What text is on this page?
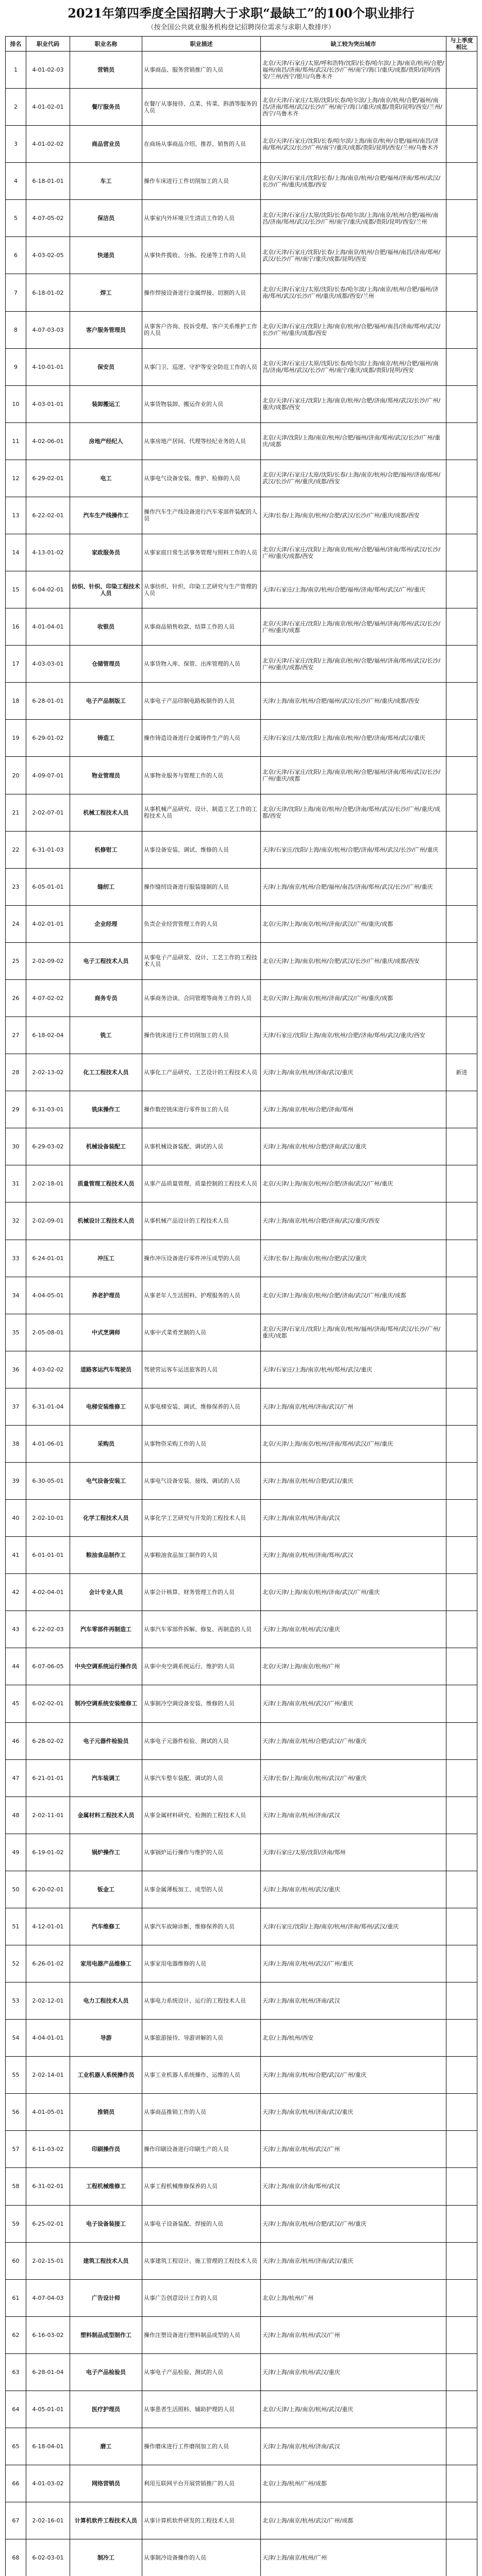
2021年第四季度全国招聘大于求职“最缺工”的100个职业排行
（按全国公共就业服务机构登记招聘岗位需求与求职人数排序）
排名	职业代码	职业名称	职业描述	缺工较为突出城市	与上季度相比
1	4-01-02-03	营销员	从事商品、服务营销推广的人员	北京/天津/石家庄/太原/呼和浩特/沈阳/长春/哈尔滨/上海/南京/杭州/合肥/福州/南昌/济南/郑州/武汉/长沙/广州/南宁/海口/重庆/成都/贵阳/昆明/西安/兰州/西宁/银川/乌鲁木齐	
2	4-01-02-01	餐厅服务员	在餐厅从事接待、点菜、传菜、斟酒等服务的人员	北京/天津/石家庄/太原/沈阳/长春/哈尔滨/上海/南京/杭州/合肥/福州/南昌/济南/郑州/武汉/长沙/广州/南宁/海口/重庆/成都/贵阳/昆明/西安/兰州/西宁/乌鲁木齐	
3	4-01-02-02	商品营业员	在商场从事商品介绍、推荐、销售的人员	北京/天津/石家庄/沈阳/长春/哈尔滨/上海/南京/杭州/合肥/福州/南昌/济南/郑州/武汉/长沙/广州/南宁/重庆/成都/贵阳/昆明/西安/兰州/乌鲁木齐	
4	6-18-01-01	车工	操作车床进行工件切削加工的人员	北京/天津/石家庄/沈阳/长春/上海/南京/杭州/合肥/福州/济南/郑州/武汉/长沙/广州/重庆/成都/西安	
5	4-07-05-02	保洁员	从事室内外环境卫生清洁工作的人员	北京/天津/石家庄/太原/沈阳/长春/哈尔滨/上海/南京/杭州/合肥/福州/南昌/济南/郑州/武汉/长沙/广州/南宁/重庆/成都/贵阳/昆明/西安/兰州	
6	4-03-02-05	快递员	从事快件揽收、分拣、投递等工作的人员	北京/天津/石家庄/沈阳/长春/上海/南京/杭州/合肥/福州/南昌/济南/郑州/武汉/长沙/广州/南宁/重庆/成都/昆明/西安	
7	6-18-01-02	焊工	操作焊接设备进行金属焊接、切割的人员	北京/天津/石家庄/太原/沈阳/长春/哈尔滨/上海/南京/杭州/合肥/福州/济南/郑州/武汉/长沙/广州/重庆/成都/西安/兰州	
8	4-07-03-03	客户服务管理员	从事客户咨询、投诉受理、客户关系维护工作的人员	北京/天津/石家庄/沈阳/上海/南京/杭州/合肥/福州/南昌/济南/郑州/武汉/长沙/广州/重庆/成都/西安	
9	4-10-01-01	保安员	从事门卫、巡逻、守护等安全防范工作的人员	北京/天津/石家庄/太原/沈阳/长春/哈尔滨/上海/南京/杭州/合肥/福州/南昌/济南/郑州/武汉/长沙/广州/南宁/重庆/成都/贵阳/昆明/西安	
10	4-03-01-01	装卸搬运工	从事货物装卸、搬运作业的人员	北京/天津/石家庄/沈阳/上海/南京/杭州/合肥/济南/郑州/武汉/长沙/广州/重庆/成都/西安	
11	4-02-06-01	房地产经纪人	从事房地产居间、代理等经纪业务的人员	北京/天津/沈阳/上海/南京/杭州/合肥/福州/济南/郑州/武汉/长沙/广州/重庆/成都	
12	6-29-02-01	电工	从事电气设备安装、维护、检修的人员	北京/天津/石家庄/太原/沈阳/长春/上海/南京/杭州/合肥/福州/济南/郑州/武汉/长沙/广州/重庆/成都/西安	
13	6-22-02-01	汽车生产线操作工	操作汽车生产线设备进行汽车零部件装配的人员	天津/长春/上海/南京/杭州/合肥/武汉/长沙/广州/重庆/成都/西安	
14	4-13-01-02	家政服务员	从事家庭日常生活事务管理与照料工作的人员	北京/天津/石家庄/沈阳/上海/南京/杭州/合肥/福州/济南/郑州/武汉/长沙/广州/重庆/成都/西安	
15	6-04-02-01	纺织、针织、印染工程技术人员	从事纺织、针织、印染工艺研究与生产管理的人员	天津/石家庄/上海/南京/杭州/合肥/福州/济南/郑州/武汉/广州/重庆	
16	4-01-04-01	收银员	从事商品销售收款、结算工作的人员	北京/天津/石家庄/沈阳/上海/南京/杭州/合肥/福州/济南/郑州/武汉/长沙/广州/重庆/成都	
17	4-03-03-01	仓储管理员	从事货物入库、保管、出库管理的人员	北京/天津/石家庄/沈阳/上海/南京/杭州/合肥/福州/济南/郑州/武汉/长沙/广州/重庆/成都/西安	
18	6-28-01-01	电子产品制版工	从事电子产品印制电路板制作的人员	天津/上海/南京/杭州/合肥/福州/武汉/长沙/广州/重庆/成都/西安	
19	6-29-01-02	铸造工	操作铸造设备进行金属铸件生产的人员	天津/石家庄/太原/沈阳/上海/南京/杭州/合肥/济南/郑州/武汉/重庆	
20	4-09-07-01	物业管理员	从事物业服务与管理工作的人员	北京/天津/石家庄/沈阳/上海/南京/杭州/合肥/福州/济南/郑州/武汉/长沙/广州/重庆/成都	
21	2-02-07-01	机械工程技术人员	从事机械产品研究、设计、制造工艺工作的工程技术人员	北京/天津/沈阳/上海/南京/杭州/合肥/济南/郑州/武汉/长沙/广州/重庆/成都/西安	
22	6-31-01-03	机修钳工	从事设备安装、调试、维修的人员	天津/石家庄/沈阳/上海/南京/杭州/合肥/济南/郑州/武汉/长沙/广州/重庆	
23	6-05-01-01	缝纫工	操作缝纫设备进行服装缝制的人员	天津/上海/南京/杭州/合肥/福州/南昌/济南/郑州/武汉/长沙/广州/重庆	
24	4-02-01-01	企业经理	负责企业经营管理工作的人员	北京/天津/上海/南京/杭州/济南/武汉/广州/重庆/成都	
25	2-02-09-02	电子工程技术人员	从事电子产品研发、设计、工艺工作的工程技术人员	北京/天津/上海/南京/杭州/合肥/武汉/长沙/广州/重庆/成都/西安	
26	4-07-02-02	商务专员	从事商务洽谈、合同管理等商务工作的人员	北京/天津/上海/南京/杭州/济南/武汉/广州/重庆/成都	
27	6-18-02-04	铣工	操作铣床进行工件切削加工的人员	天津/石家庄/沈阳/上海/南京/杭州/合肥/济南/郑州/武汉/重庆/西安	
28	2-02-13-02	化工工程技术人员	从事化工产品研究、工艺设计的工程技术人员	天津/上海/南京/杭州/济南/武汉/重庆	新进
29	6-31-03-01	铣床操作工	操作数控铣床进行零件加工的人员	天津/上海/南京/杭州/合肥/济南/郑州	
30	6-29-03-02	机械设备装配工	从事机械设备装配、调试的人员	天津/上海/南京/杭州/合肥/济南/武汉/重庆	
31	2-02-18-01	质量管理工程技术人员	从事产品质量管理、质量控制的工程技术人员	北京/天津/上海/南京/杭州/合肥/济南/武汉/广州/重庆	
32	2-02-09-01	机械设计工程技术人员	从事机械产品设计的工程技术人员	天津/上海/南京/杭州/合肥/济南/武汉/重庆/西安	
33	6-24-01-01	冲压工	操作冲压设备进行零件冲压成型的人员	天津/长春/上海/南京/杭州/合肥/武汉/重庆	
34	4-04-05-01	养老护理员	从事老年人生活照料、护理服务的人员	北京/天津/上海/南京/杭州/合肥/济南/武汉/广州/重庆/成都	
35	2-05-08-01	中式烹调师	从事中式菜肴烹制的人员	北京/天津/石家庄/沈阳/上海/南京/杭州/福州/济南/郑州/武汉/长沙/广州/重庆/成都	
36	4-03-02-02	道路客运汽车驾驶员	驾驶营运客车运送旅客的人员	天津/石家庄/上海/南京/杭州/郑州/武汉/重庆	
37	6-31-01-04	电梯安装维修工	从事电梯安装、调试、维修保养的人员	天津/上海/南京/杭州/济南/武汉/广州	
38	4-01-06-01	采购员	从事物资采购工作的人员	北京/天津/上海/南京/杭州/济南/郑州/武汉/广州/重庆	
39	6-30-05-01	电气设备安装工	从事电气设备安装、接线、调试的人员	天津/上海/南京/杭州/合肥/武汉/重庆	
40	2-02-10-01	化学工程技术人员	从事化学工艺研究与开发的工程技术人员	天津/上海/南京/杭州/济南/武汉	
41	6-01-01-01	粮油食品制作工	从事粮油食品加工制作的人员	天津/上海/南京/杭州/济南/郑州/武汉	
42	4-02-04-01	会计专业人员	从事会计核算、财务管理工作的人员	北京/天津/上海/南京/杭州/济南/武汉/广州/重庆	
43	6-22-02-03	汽车零部件再制造工	从事汽车零部件拆解、修复、再制造的人员	天津/上海/南京/杭州/武汉/重庆	
44	6-07-06-05	中央空调系统运行操作员	从事中央空调系统运行、维护的人员	北京/天津/上海/南京/杭州/广州	
45	6-02-02-01	制冷空调系统安装维修工	从事制冷空调设备安装、维修的人员	天津/上海/南京/杭州/武汉/广州/重庆	
46	6-28-02-02	电子元器件检验员	从事电子元器件检验、测试的人员	天津/上海/南京/杭州/合肥/武汉/广州/重庆	
47	6-21-01-01	汽车装调工	从事汽车整车装配、调试的人员	天津/长春/上海/南京/杭州/武汉/广州/重庆	
48	2-02-11-01	金属材料工程技术人员	从事金属材料研究、检测的工程技术人员	天津/上海/南京/杭州/济南/武汉	
49	6-19-01-02	锅炉操作工	从事锅炉运行操作与维护的人员	天津/石家庄/太原/沈阳/济南/郑州	
50	6-20-02-01	钣金工	从事金属薄板加工、成型的人员	天津/上海/南京/杭州/武汉/重庆	
51	4-12-01-01	汽车维修工	从事汽车故障诊断、维修保养的人员	天津/石家庄/沈阳/上海/南京/杭州/济南/郑州/武汉/重庆	
52	6-26-01-02	家用电器产品维修工	从事家用电器维修的人员	天津/上海/南京/杭州/武汉/广州/重庆	
53	2-02-12-01	电力工程技术人员	从事电力系统设计、运行的工程技术人员	天津/上海/南京/杭州/济南/武汉	
54	4-04-01-01	导游	从事旅游接待、导游讲解的人员	北京/上海/杭州/西安	
55	2-02-14-01	工业机器人系统操作员	从事工业机器人系统操作、运维的人员	天津/上海/南京/杭州/合肥/武汉/广州/重庆	
56	4-01-05-01	推销员	从事商品推销工作的人员	天津/上海/南京/杭州/济南/武汉/重庆	
57	6-11-03-02	印刷操作员	操作印刷设备进行印刷生产的人员	天津/上海/南京/杭州/武汉/广州	
58	6-31-02-01	工程机械维修工	从事工程机械维修保养的人员	天津/上海/南京/济南/郑州/武汉	
59	6-25-02-01	电子设备装接工	从事电子设备装配、焊接的人员	天津/上海/南京/杭州/合肥/武汉/广州/重庆	
60	2-02-15-01	建筑工程技术人员	从事建筑工程设计、施工管理的工程技术人员	天津/上海/南京/杭州/济南/武汉/重庆	
61	4-07-04-03	广告设计师	从事广告创意设计工作的人员	北京/上海/杭州/广州	
62	6-16-03-02	塑料制品成型制作工	操作注塑设备进行塑料制品成型的人员	天津/上海/南京/杭州/武汉/广州	
63	6-28-01-04	电子产品检验员	从事电子产品检验、测试的人员	天津/上海/南京/杭州/武汉/重庆	
64	4-05-01-01	医疗护理员	从事患者生活照料、辅助护理的人员	北京/天津/上海/南京/杭州/武汉/重庆	
65	6-18-04-01	磨工	操作磨床进行工件磨削加工的人员	天津/上海/南京/杭州/济南/武汉	
66	4-01-03-02	网络营销员	利用互联网平台开展营销推广的人员	北京/上海/杭州/广州/成都	
67	2-02-16-01	计算机软件工程技术人员	从事计算机软件研发的工程技术人员	北京/上海/南京/杭州/武汉/广州/成都	
68	6-02-03-01	制冷工	从事制冷设备操作的人员	天津/上海/南京/杭州/广州	
